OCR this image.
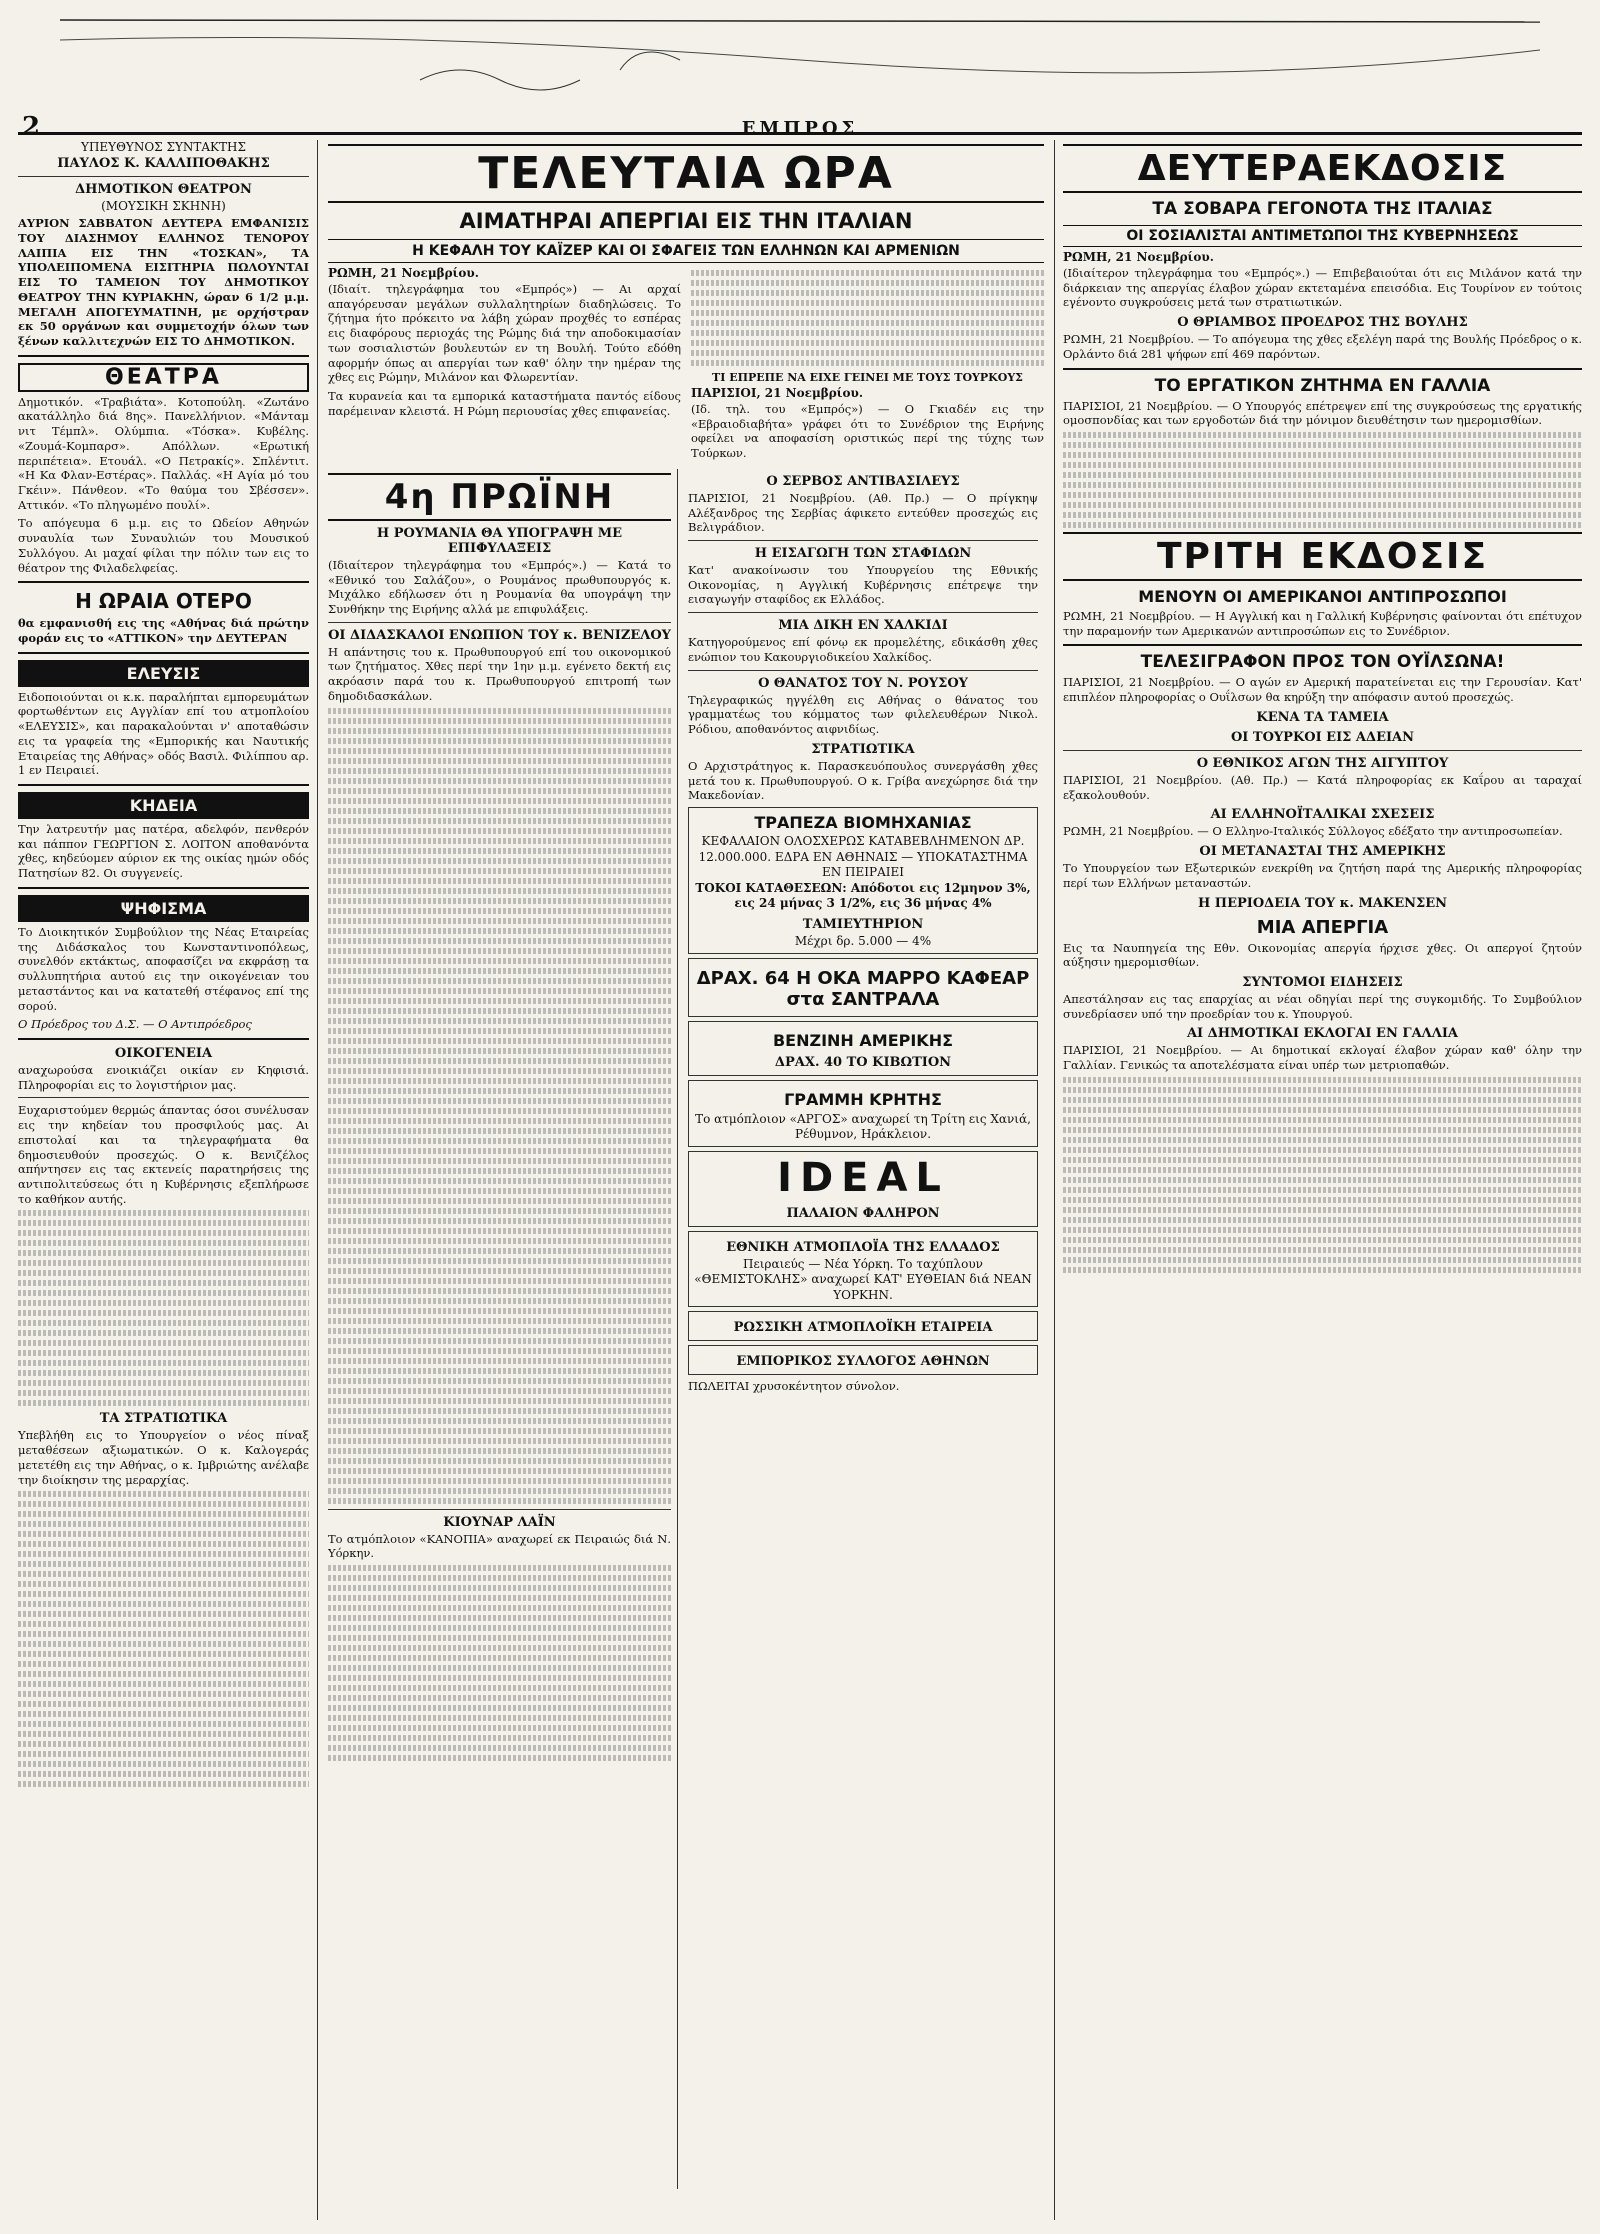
2	ΕΜΠΡΟΣ
ΥΠΕΥΘΥΝΟΣ ΣΥΝΤΑΚΤΗΣ
ΠΑΥΛΟΣ Κ. ΚΑΛΛΙΠΟΘΑΚΗΣ
ΔΗΜΟΤΙΚΟΝ ΘΕΑΤΡΟΝ
(ΜΟΥΣΙΚΗ ΣΚΗΝΗ)
ΑΥΡΙΟΝ ΣΑΒΒΑΤΟΝ ΔΕΥΤΕΡΑ ΕΜΦΑΝΙΣΙΣ ΤΟΥ ΔΙΑΣΗΜΟΥ ΕΛΛΗΝΟΣ ΤΕΝΟΡΟΥ ΛΑΙΠΙΑ ΕΙΣ ΤΗΝ «ΤΟΣΚΑΝ», ΤΑ ΥΠΟΛΕΙΠΟΜΕΝΑ ΕΙΣΙΤΗΡΙΑ ΠΩΛΟΥΝΤΑΙ ΕΙΣ ΤΟ ΤΑΜΕΙΟΝ ΤΟΥ ΔΗΜΟΤΙΚΟΥ ΘΕΑΤΡΟΥ ΤΗΝ ΚΥΡΙΑΚΗΝ, ώραν 6 1/2 μ.μ. ΜΕΓΑΛΗ ΑΠΟΓΕΥΜΑΤΙΝΗ, με ορχήστραν εκ 50 οργάνων και συμμετοχήν όλων των ξένων καλλιτεχνών ΕΙΣ ΤΟ ΔΗΜΟΤΙΚΟΝ.
ΘΕΑΤΡΑ
Δημοτικόν. «Τραβιάτα». Κοτοπούλη. «Ζωτάνο ακατάλληλο διά 8ης». Πανελλήνιον. «Μάνταμ νιτ Τέμπλ». Ολύμπια. «Τόσκα». Κυβέλης. «Ζουμά-Κομπαρσ». Απόλλων. «Ερωτική περιπέτεια». Ετουάλ. «Ο Πετρακίς». Σπλέντιτ. «Η Κα Φλαν-Εστέρας». Παλλάς. «Η Αγία μό του Γκέιν». Πάνθεον. «Το θαύμα του Σβέσσεν». Αττικόν. «Το πληγωμένο πουλί».
Το απόγευμα 6 μ.μ. εις το Ωδείον Αθηνών συναυλία των Συναυλιών του Μουσικού Συλλόγου. Αι μαχαί φίλαι την πόλιν των εις το θέατρον της Φιλαδελφείας.
Η ΩΡΑΙΑ ΟΤΕΡΟ
θα εμφανισθή εις της «Αθήνας διά πρώτην φοράν εις το «ΑΤΤΙΚΟΝ» την ΔΕΥΤΕΡΑΝ
ΕΛΕΥΣΙΣ
Ειδοποιούνται οι κ.κ. παραλήπται εμπορευμάτων φορτωθέντων εις Αγγλίαν επί του ατμοπλοίου «ΕΛΕΥΣΙΣ», και παρακαλούνται ν' αποταθώσιν εις τα γραφεία της «Εμπορικής και Ναυτικής Εταιρείας της Αθήνας» οδός Βασιλ. Φιλίππου αρ. 1 εν Πειραιεί.
ΚΗΔΕΙΑ
Την λατρευτήν μας πατέρα, αδελφόν, πενθερόν και πάππον ΓΕΩΡΓΙΟΝ Σ. ΛΟΙΤΟΝ αποθανόντα χθες, κηδεύομεν αύριον εκ της οικίας ημών οδός Πατησίων 82. Οι συγγενείς.
ΨΗΦΙΣΜΑ
Το Διοικητικόν Συμβούλιον της Νέας Εταιρείας της Διδάσκαλος του Κωνσταντινοπόλεως, συνελθόν εκτάκτως, αποφασίζει να εκφράσῃ τα συλλυπητήρια αυτού εις την οικογένειαν του μεταστάντος και να κατατεθή στέφανος επί της σορού.
Ο Πρόεδρος του Δ.Σ. — Ο Αντιπρόεδρος
ΟΙΚΟΓΕΝΕΙΑ
αναχωρούσα ενοικιάζει οικίαν εν Κηφισιά. Πληροφορίαι εις το λογιστήριον μας.
Ευχαριστούμεν θερμώς άπαντας όσοι συνέλυσαν εις την κηδείαν του προσφιλούς μας. Αι επιστολαί και τα τηλεγραφήματα θα δημοσιευθούν προσεχώς. Ο κ. Βενιζέλος απήντησεν εις τας εκτενείς παρατηρήσεις της αντιπολιτεύσεως ότι η Κυβέρνησις εξεπλήρωσε το καθήκον αυτής.
ΤΑ ΣΤΡΑΤΙΩΤΙΚΑ
Υπεβλήθη εις το Υπουργείον ο νέος πίναξ μεταθέσεων αξιωματικών. Ο κ. Καλογεράς μετετέθη εις την Αθήνας, ο κ. Ιμβριώτης ανέλαβε την διοίκησιν της μεραρχίας.
ΤΕΛΕΥΤΑΙΑ ΩΡΑ
ΑΙΜΑΤΗΡΑΙ ΑΠΕΡΓΙΑΙ ΕΙΣ ΤΗΝ ΙΤΑΛΙΑΝ
Η ΚΕΦΑΛΗ ΤΟΥ ΚΑΪΖΕΡ ΚΑΙ ΟΙ ΣΦΑΓΕΙΣ ΤΩΝ ΕΛΛΗΝΩΝ ΚΑΙ ΑΡΜΕΝΙΩΝ
ΡΩΜΗ, 21 Νοεμβρίου.
(Ιδιαίτ. τηλεγράφημα του «Εμπρός») — Αι αρχαί απαγόρευσαν μεγάλων συλλαλητηρίων διαδηλώσεις. Το ζήτημα ήτο πρόκειτο να λάβη χώραν προχθές το εσπέρας εις διαφόρους περιοχάς της Ρώμης διά την αποδοκιμασίαν των σοσιαλιστών βουλευτών εν τη Βουλή. Τούτο εδόθη αφορμήν όπως αι απεργίαι των καθ' όλην την ημέραν της χθες εις Ρώμην, Μιλάνον και Φλωρεντίαν.
Τα κυρανεία και τα εμπορικά καταστήματα παντός είδους παρέμειναν κλειστά. Η Ρώμη περιουσίας χθες επιφανείας.
ΤΙ ΕΠΡΕΠΕ ΝΑ ΕΙΧΕ ΓΕΙΝΕΙ ΜΕ ΤΟΥΣ ΤΟΥΡΚΟΥΣ
ΠΑΡΙΣΙΟΙ, 21 Νοεμβρίου.
(Ιδ. τηλ. του «Εμπρός») — Ο Γκιαδέν εις την «Εβραιοδιαβήτα» γράφει ότι το Συνέδριον της Ειρήνης οφείλει να αποφασίση οριστικώς περί της τύχης των Τούρκων.
4η ΠΡΩΪΝΗ
Η ΡΟΥΜΑΝΙΑ ΘΑ ΥΠΟΓΡΑΨΗ ΜΕ ΕΠΙΦΥΛΑΞΕΙΣ
(Ιδιαίτερον τηλεγράφημα του «Εμπρός».) — Κατά το «Εθνικό του Σαλάζου», ο Ρουμάνος πρωθυπουργός κ. Μιχάλκο εδήλωσεν ότι η Ρουμανία θα υπογράψη την Συνθήκην της Ειρήνης αλλά με επιφυλάξεις.
ΟΙ ΔΙΔΑΣΚΑΛΟΙ ΕΝΩΠΙΟΝ ΤΟΥ κ. ΒΕΝΙΖΕΛΟΥ
Η απάντησις του κ. Πρωθυπουργού επί του οικονομικού των ζητήματος. Χθες περί την 1ην μ.μ. εγένετο δεκτή εις ακρόασιν παρά του κ. Πρωθυπουργού επιτροπή των δημοδιδασκάλων.
ΚΙΟΥΝΑΡ ΛΑΪΝ
Το ατμόπλοιον «ΚΑΝΟΠΙΑ» αναχωρεί εκ Πειραιώς διά Ν. Υόρκην.
Ο ΣΕΡΒΟΣ ΑΝΤΙΒΑΣΙΛΕΥΣ
ΠΑΡΙΣΙΟΙ, 21 Νοεμβρίου. (Αθ. Πρ.) — Ο πρίγκηψ Αλέξανδρος της Σερβίας άφικετο εντεύθεν προσεχώς εις Βελιγράδιον.
Η ΕΙΣΑΓΩΓΗ ΤΩΝ ΣΤΑΦΙΔΩΝ
Κατ' ανακοίνωσιν του Υπουργείου της Εθνικής Οικονομίας, η Αγγλική Κυβέρνησις επέτρεψε την εισαγωγήν σταφίδος εκ Ελλάδος.
ΜΙΑ ΔΙΚΗ ΕΝ ΧΑΛΚΙΔΙ
Κατηγορούμενος επί φόνῳ εκ προμελέτης, εδικάσθη χθες ενώπιον του Κακουργιοδικείου Χαλκίδος.
Ο ΘΑΝΑΤΟΣ ΤΟΥ Ν. ΡΟΥΣΟΥ
Τηλεγραφικώς ηγγέλθη εις Αθήνας ο θάνατος του γραμματέως του κόμματος των φιλελευθέρων Νικολ. Ρόδιου, αποθανόντος αιφνιδίως.
ΣΤΡΑΤΙΩΤΙΚΑ
Ο Αρχιστράτηγος κ. Παρασκευόπουλος συνεργάσθη χθες μετά του κ. Πρωθυπουργού. Ο κ. Γρίβα ανεχώρησε διά την Μακεδονίαν.
ΤΡΑΠΕΖΑ ΒΙΟΜΗΧΑΝΙΑΣ
ΚΕΦΑΛΑΙΟΝ ΟΛΟΣΧΕΡΩΣ ΚΑΤΑΒΕΒΛΗΜΕΝΟΝ ΔΡ. 12.000.000. ΕΔΡΑ ΕΝ ΑΘΗΝΑΙΣ — ΥΠΟΚΑΤΑΣΤΗΜΑ ΕΝ ΠΕΙΡΑΙΕΙ
ΤΟΚΟΙ ΚΑΤΑΘΕΣΕΩΝ: Απόδοτοι εις 12μηνον 3%, εις 24 μήνας 3 1/2%, εις 36 μήνας 4%
ΤΑΜΙΕΥΤΗΡΙΟΝ
Μέχρι δρ. 5.000 — 4%
ΔΡΑΧ. 64 Η ΟΚΑ ΜΑΡΡΟ ΚΑΦΕΑΡ στα ΣΑΝΤΡΑΛΑ
ΒΕΝΖΙΝΗ ΑΜΕΡΙΚΗΣ
ΔΡΑΧ. 40 ΤΟ ΚΙΒΩΤΙΟΝ
ΓΡΑΜΜΗ ΚΡΗΤΗΣ
Το ατμόπλοιον «ΑΡΓΟΣ» αναχωρεί τη Τρίτη εις Χανιά, Ρέθυμνον, Ηράκλειον.
IDEAL
ΠΑΛΑΙΟΝ ΦΑΛΗΡΟΝ
ΕΘΝΙΚΗ ΑΤΜΟΠΛΟΪΑ ΤΗΣ ΕΛΛΑΔΟΣ
Πειραιεύς — Νέα Υόρκη. Το ταχύπλουν «ΘΕΜΙΣΤΟΚΛΗΣ» αναχωρεί ΚΑΤ' ΕΥΘΕΙΑΝ διά ΝΕΑΝ ΥΟΡΚΗΝ.
ΡΩΣΣΙΚΗ ΑΤΜΟΠΛΟΪΚΗ ΕΤΑΙΡΕΙΑ
ΕΜΠΟΡΙΚΟΣ ΣΥΛΛΟΓΟΣ ΑΘΗΝΩΝ
ΠΩΛΕΙΤΑΙ χρυσοκέντητον σύνολον.
ΔΕΥΤΕΡΑΕΚΔΟΣΙΣ
ΤΑ ΣΟΒΑΡΑ ΓΕΓΟΝΟΤΑ ΤΗΣ ΙΤΑΛΙΑΣ
ΟΙ ΣΟΣΙΑΛΙΣΤΑΙ ΑΝΤΙΜΕΤΩΠΟΙ ΤΗΣ ΚΥΒΕΡΝΗΣΕΩΣ
ΡΩΜΗ, 21 Νοεμβρίου.
(Ιδιαίτερον τηλεγράφημα του «Εμπρός».) — Επιβεβαιούται ότι εις Μιλάνον κατά την διάρκειαν της απεργίας έλαβον χώραν εκτεταμένα επεισόδια. Εις Τουρίνον εν τούτοις εγένοντο συγκρούσεις μετά των στρατιωτικών.
Ο ΘΡΙΑΜΒΟΣ ΠΡΟΕΔΡΟΣ ΤΗΣ ΒΟΥΛΗΣ
ΡΩΜΗ, 21 Νοεμβρίου. — Το απόγευμα της χθες εξελέγη παρά της Βουλής Πρόεδρος ο κ. Ορλάντο διά 281 ψήφων επί 469 παρόντων.
ΤΟ ΕΡΓΑΤΙΚΟΝ ΖΗΤΗΜΑ ΕΝ ΓΑΛΛΙΑ
ΠΑΡΙΣΙΟΙ, 21 Νοεμβρίου. — Ο Υπουργός επέτρεψεν επί της συγκρούσεως της εργατικής ομοσπονδίας και των εργοδοτών διά την μόνιμον διευθέτησιν των ημερομισθίων.
ΤΡΙΤΗ ΕΚΔΟΣΙΣ
ΜΕΝΟΥΝ ΟΙ ΑΜΕΡΙΚΑΝΟΙ ΑΝΤΙΠΡΟΣΩΠΟΙ
ΡΩΜΗ, 21 Νοεμβρίου. — Η Αγγλική και η Γαλλική Κυβέρνησις φαίνονται ότι επέτυχον την παραμονήν των Αμερικανών αντιπροσώπων εις το Συνέδριον.
ΤΕΛΕΣΙΓΡΑΦΟΝ ΠΡΟΣ ΤΟΝ ΟΥΪΛΣΩΝΑ!
ΠΑΡΙΣΙΟΙ, 21 Νοεμβρίου. — Ο αγών εν Αμερική παρατείνεται εις την Γερουσίαν. Κατ' επιπλέον πληροφορίας ο Ουΐλσων θα κηρύξη την απόφασιν αυτού προσεχώς.
ΚΕΝΑ ΤΑ ΤΑΜΕΙΑ
ΟΙ ΤΟΥΡΚΟΙ ΕΙΣ ΑΔΕΙΑΝ
Ο ΕΘΝΙΚΟΣ ΑΓΩΝ ΤΗΣ ΑΙΓΥΠΤΟΥ
ΠΑΡΙΣΙΟΙ, 21 Νοεμβρίου. (Αθ. Πρ.) — Κατά πληροφορίας εκ Καΐρου αι ταραχαί εξακολουθούν.
ΑΙ ΕΛΛΗΝΟΪΤΑΛΙΚΑΙ ΣΧΕΣΕΙΣ
ΡΩΜΗ, 21 Νοεμβρίου. — Ο Ελληνο-Ιταλικός Σύλλογος εδέξατο την αντιπροσωπείαν.
ΟΙ ΜΕΤΑΝΑΣΤΑΙ ΤΗΣ ΑΜΕΡΙΚΗΣ
Το Υπουργείον των Εξωτερικών ενεκρίθη να ζητήση παρά της Αμερικής πληροφορίας περί των Ελλήνων μεταναστών.
Η ΠΕΡΙΟΔΕΙΑ ΤΟΥ κ. ΜΑΚΕΝΣΕΝ
ΜΙΑ ΑΠΕΡΓΙΑ
Εις τα Ναυπηγεία της Εθν. Οικονομίας απεργία ήρχισε χθες. Οι απεργοί ζητούν αύξησιν ημερομισθίων.
ΣΥΝΤΟΜΟΙ ΕΙΔΗΣΕΙΣ
Απεστάλησαν εις τας επαρχίας αι νέαι οδηγίαι περί της συγκομιδής. Το Συμβούλιον συνεδρίασεν υπό την προεδρίαν του κ. Υπουργού.
ΑΙ ΔΗΜΟΤΙΚΑΙ ΕΚΛΟΓΑΙ ΕΝ ΓΑΛΛΙΑ
ΠΑΡΙΣΙΟΙ, 21 Νοεμβρίου. — Αι δημοτικαί εκλογαί έλαβον χώραν καθ' όλην την Γαλλίαν. Γενικώς τα αποτελέσματα είναι υπέρ των μετριοπαθών.
